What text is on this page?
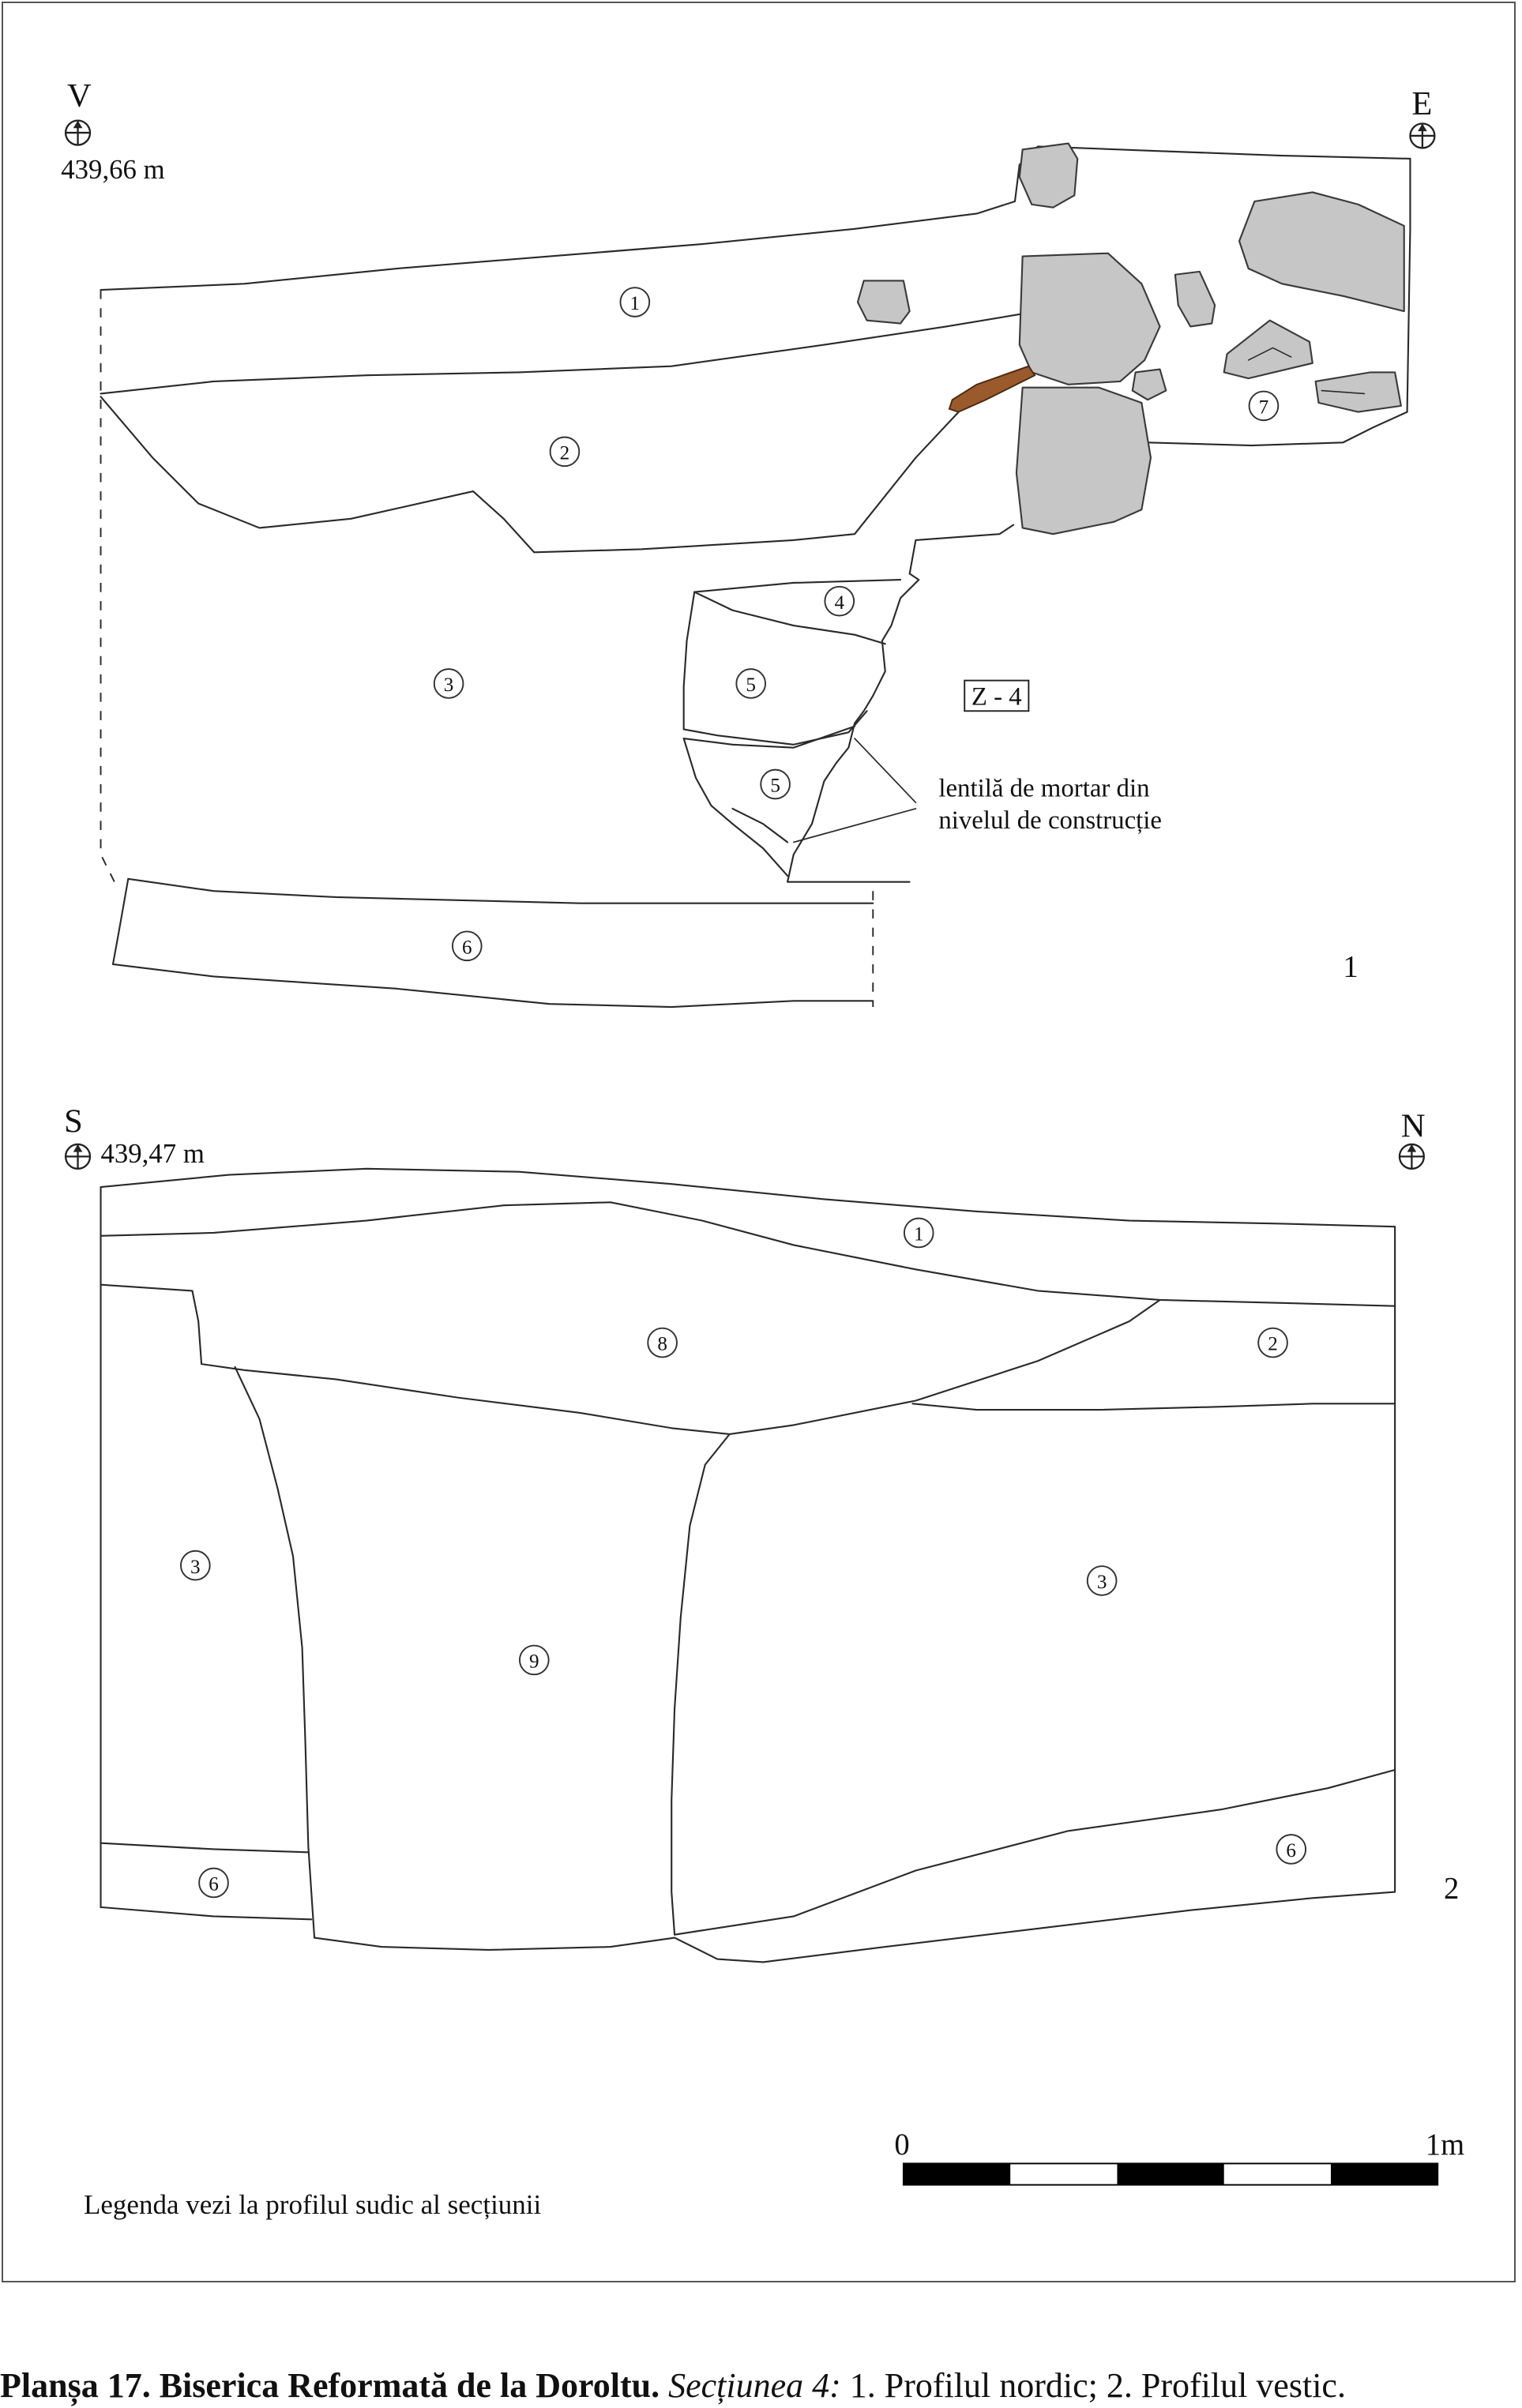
V
439,66 m
E
Z - 4
lentilă de mortar din
nivelul de construcție
1
1
2
3
4
5
5
6
7
S
439,47 m
N
2
1
8	2
3
9
3
6
6
0	1m
Legenda vezi la profilul sudic al secțiunii
Planșa 17. Biserica Reformată de la Doroltu. Secțiunea 4: 1. Profilul nordic; 2. Profilul vestic.
